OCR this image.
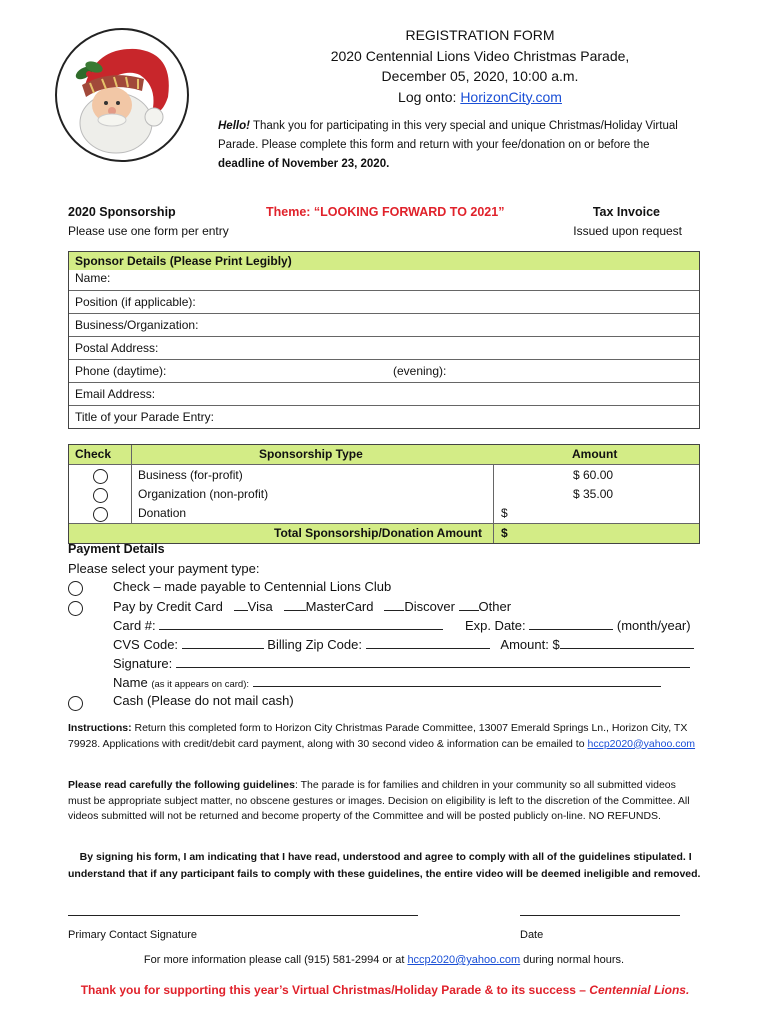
REGISTRATION FORM
2020 Centennial Lions Video Christmas Parade,
December 05, 2020, 10:00 a.m.
Log onto: HorizonCity.com
Hello! Thank you for participating in this very special and unique Christmas/Holiday Virtual Parade. Please complete this form and return with your fee/donation on or before the deadline of November 23, 2020.
2020 Sponsorship
Please use one form per entry
Theme: “LOOKING FORWARD TO 2021”	Tax Invoice
Issued upon request
Sponsor Details (Please Print Legibly)
Name:
Position (if applicable):
Business/Organization:
Postal Address:
Phone (daytime):	(evening):
Email Address:
Title of your Parade Entry:
Check	Sponsorship Type	Amount
Business (for-profit)	$ 60.00
Organization (non-profit)	$ 35.00
Donation	$
Total Sponsorship/Donation Amount $
Payment Details
Please select your payment type:
Check – made payable to Centennial Lions Club
Pay by Credit Card Visa	MasterCard Discover Other
Card #:	Exp. Date:	(month/year)
CVS Code:	Billing Zip Code:	Amount: $
Signature:
Name (as it appears on card):
Cash (Please do not mail cash)
Instructions: Return this completed form to Horizon City Christmas Parade Committee, 13007 Emerald Springs Ln., Horizon City, TX 79928. Applications with credit/debit card payment, along with 30 second video & information can be emailed to hccp2020@yahoo.com
Please read carefully the following guidelines: The parade is for families and children in your community so all submitted videos must be appropriate subject matter, no obscene gestures or images. Decision on eligibility is left to the discretion of the Committee. All videos submitted will not be returned and become property of the Committee and will be posted publicly on-line. NO REFUNDS.
By signing his form, I am indicating that I have read, understood and agree to comply with all of the guidelines stipulated. I understand that if any participant fails to comply with these guidelines, the entire video will be deemed ineligible and removed.
Primary Contact Signature	Date
For more information please call (915) 581-2994 or at hccp2020@yahoo.com during normal hours.
Thank you for supporting this year’s Virtual Christmas/Holiday Parade & to its success – Centennial Lions.
